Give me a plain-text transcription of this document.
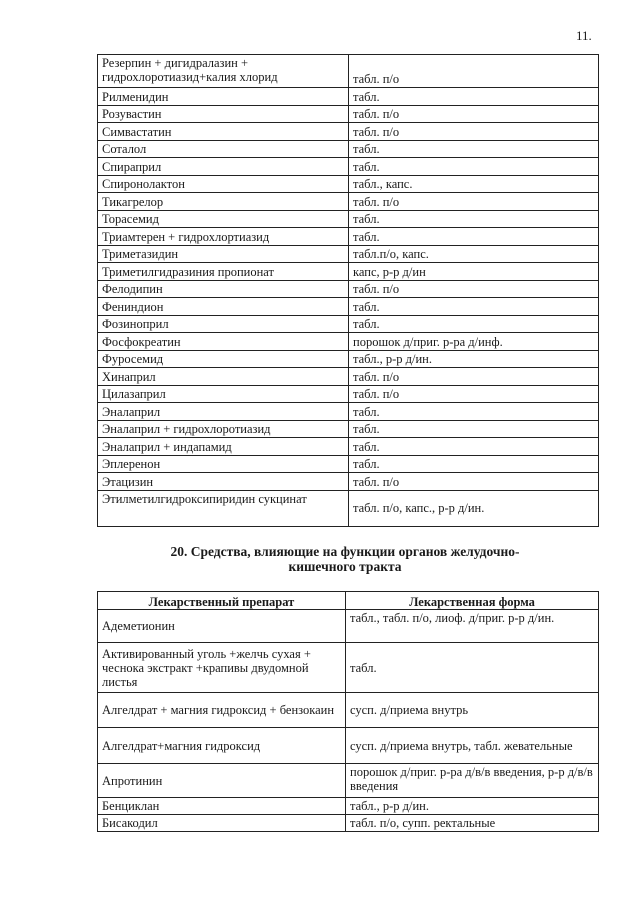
11.
Резерпин + дигидралазин + гидрохлоротиазид+калия хлорид	табл. п/о
Рилменидин	табл.
Розувастин	табл. п/о
Симвастатин	табл. п/о
Соталол	табл.
Спираприл	табл.
Спиронолактон	табл., капс.
Тикагрелор	табл. п/о
Торасемид	табл.
Триамтерен + гидрохлортиазид	табл.
Триметазидин	табл.п/о, капс.
Триметилгидразиния пропионат	капс, р-р д/ин
Фелодипин	табл. п/о
Фениндион	табл.
Фозиноприл	табл.
Фосфокреатин	порошок д/приг. р-ра д/инф.
Фуросемид	табл., р-р д/ин.
Хинаприл	табл. п/о
Цилазаприл	табл. п/о
Эналаприл	табл.
Эналаприл + гидрохлоротиазид	табл.
Эналаприл + индапамид	табл.
Эплеренон	табл.
Этацизин	табл. п/о
Этилметилгидроксипиридин сукцинат	табл. п/о, капс., р-р д/ин.
20. Средства, влияющие на функции органов желудочно-кишечного тракта
Лекарственный препарат	Лекарственная форма
Адеметионин	табл., табл. п/о, лиоф. д/приг. р-р д/ин.
Активированный уголь +желчь сухая + чеснока экстракт +крапивы двудомной листья	табл.
Алгелдрат + магния гидроксид + бензокаин	сусп. д/приема внутрь
Алгелдрат+магния гидроксид	сусп. д/приема внутрь, табл. жевательные
Апротинин	порошок д/приг. р-ра д/в/в введения, р-р д/в/в введения
Бенциклан	табл., р-р д/ин.
Бисакодил	табл. п/о, супп. ректальные
